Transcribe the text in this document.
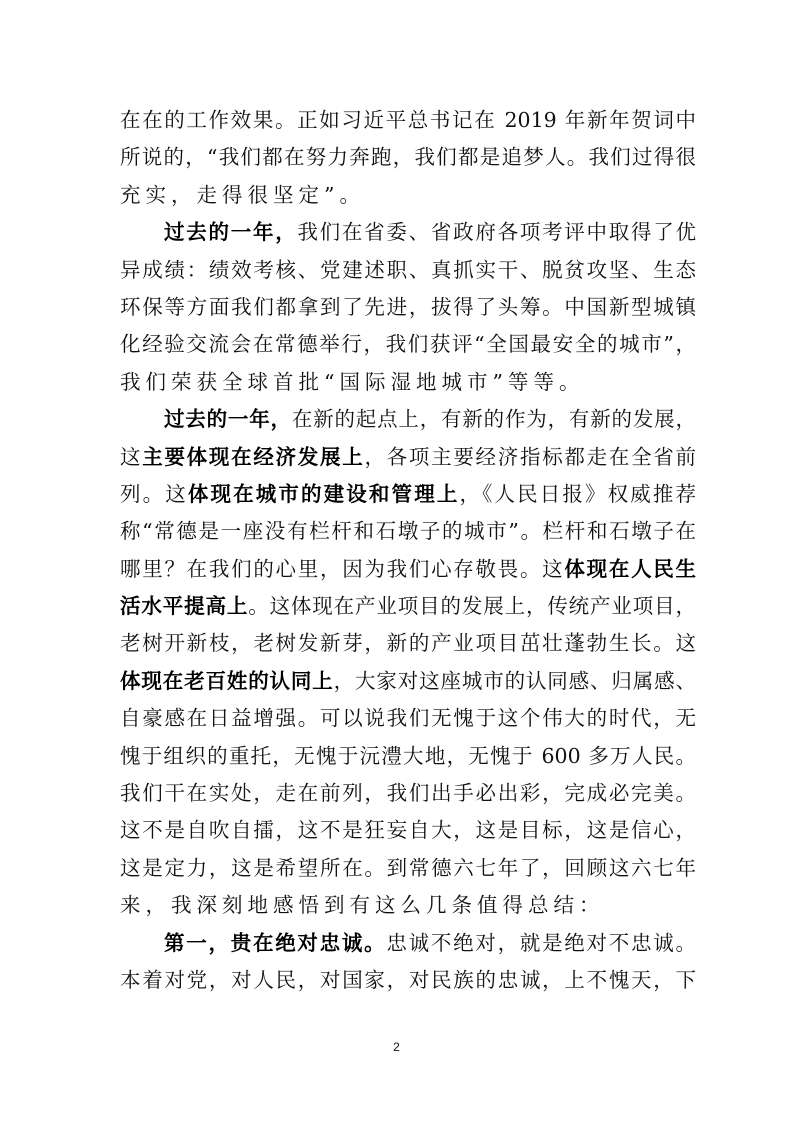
在在的工作效果。正如习近平总书记在 2019 年新年贺词中
所说的，“我们都在努力奔跑，我们都是追梦人。我们过得很
充实，走得很坚定”。
过去的一年，我们在省委、省政府各项考评中取得了优
异成绩：绩效考核、党建述职、真抓实干、脱贫攻坚、生态
环保等方面我们都拿到了先进，拔得了头筹。中国新型城镇
化经验交流会在常德举行，我们获评“全国最安全的城市”，
我们荣获全球首批“国际湿地城市”等等。
过去的一年，在新的起点上，有新的作为，有新的发展，
这主要体现在经济发展上，各项主要经济指标都走在全省前
列。这体现在城市的建设和管理上，《人民日报》权威推荐
称“常德是一座没有栏杆和石墩子的城市”。栏杆和石墩子在
哪里？在我们的心里，因为我们心存敬畏。这体现在人民生
活水平提高上。这体现在产业项目的发展上，传统产业项目，
老树开新枝，老树发新芽，新的产业项目茁壮蓬勃生长。这
体现在老百姓的认同上，大家对这座城市的认同感、归属感、
自豪感在日益增强。可以说我们无愧于这个伟大的时代，无
愧于组织的重托，无愧于沅澧大地，无愧于 600 多万人民。
我们干在实处，走在前列，我们出手必出彩，完成必完美。
这不是自吹自擂，这不是狂妄自大，这是目标，这是信心，
这是定力，这是希望所在。到常德六七年了，回顾这六七年
来，我深刻地感悟到有这么几条值得总结：
第一，贵在绝对忠诚。忠诚不绝对，就是绝对不忠诚。
本着对党，对人民，对国家，对民族的忠诚，上不愧天，下
2
